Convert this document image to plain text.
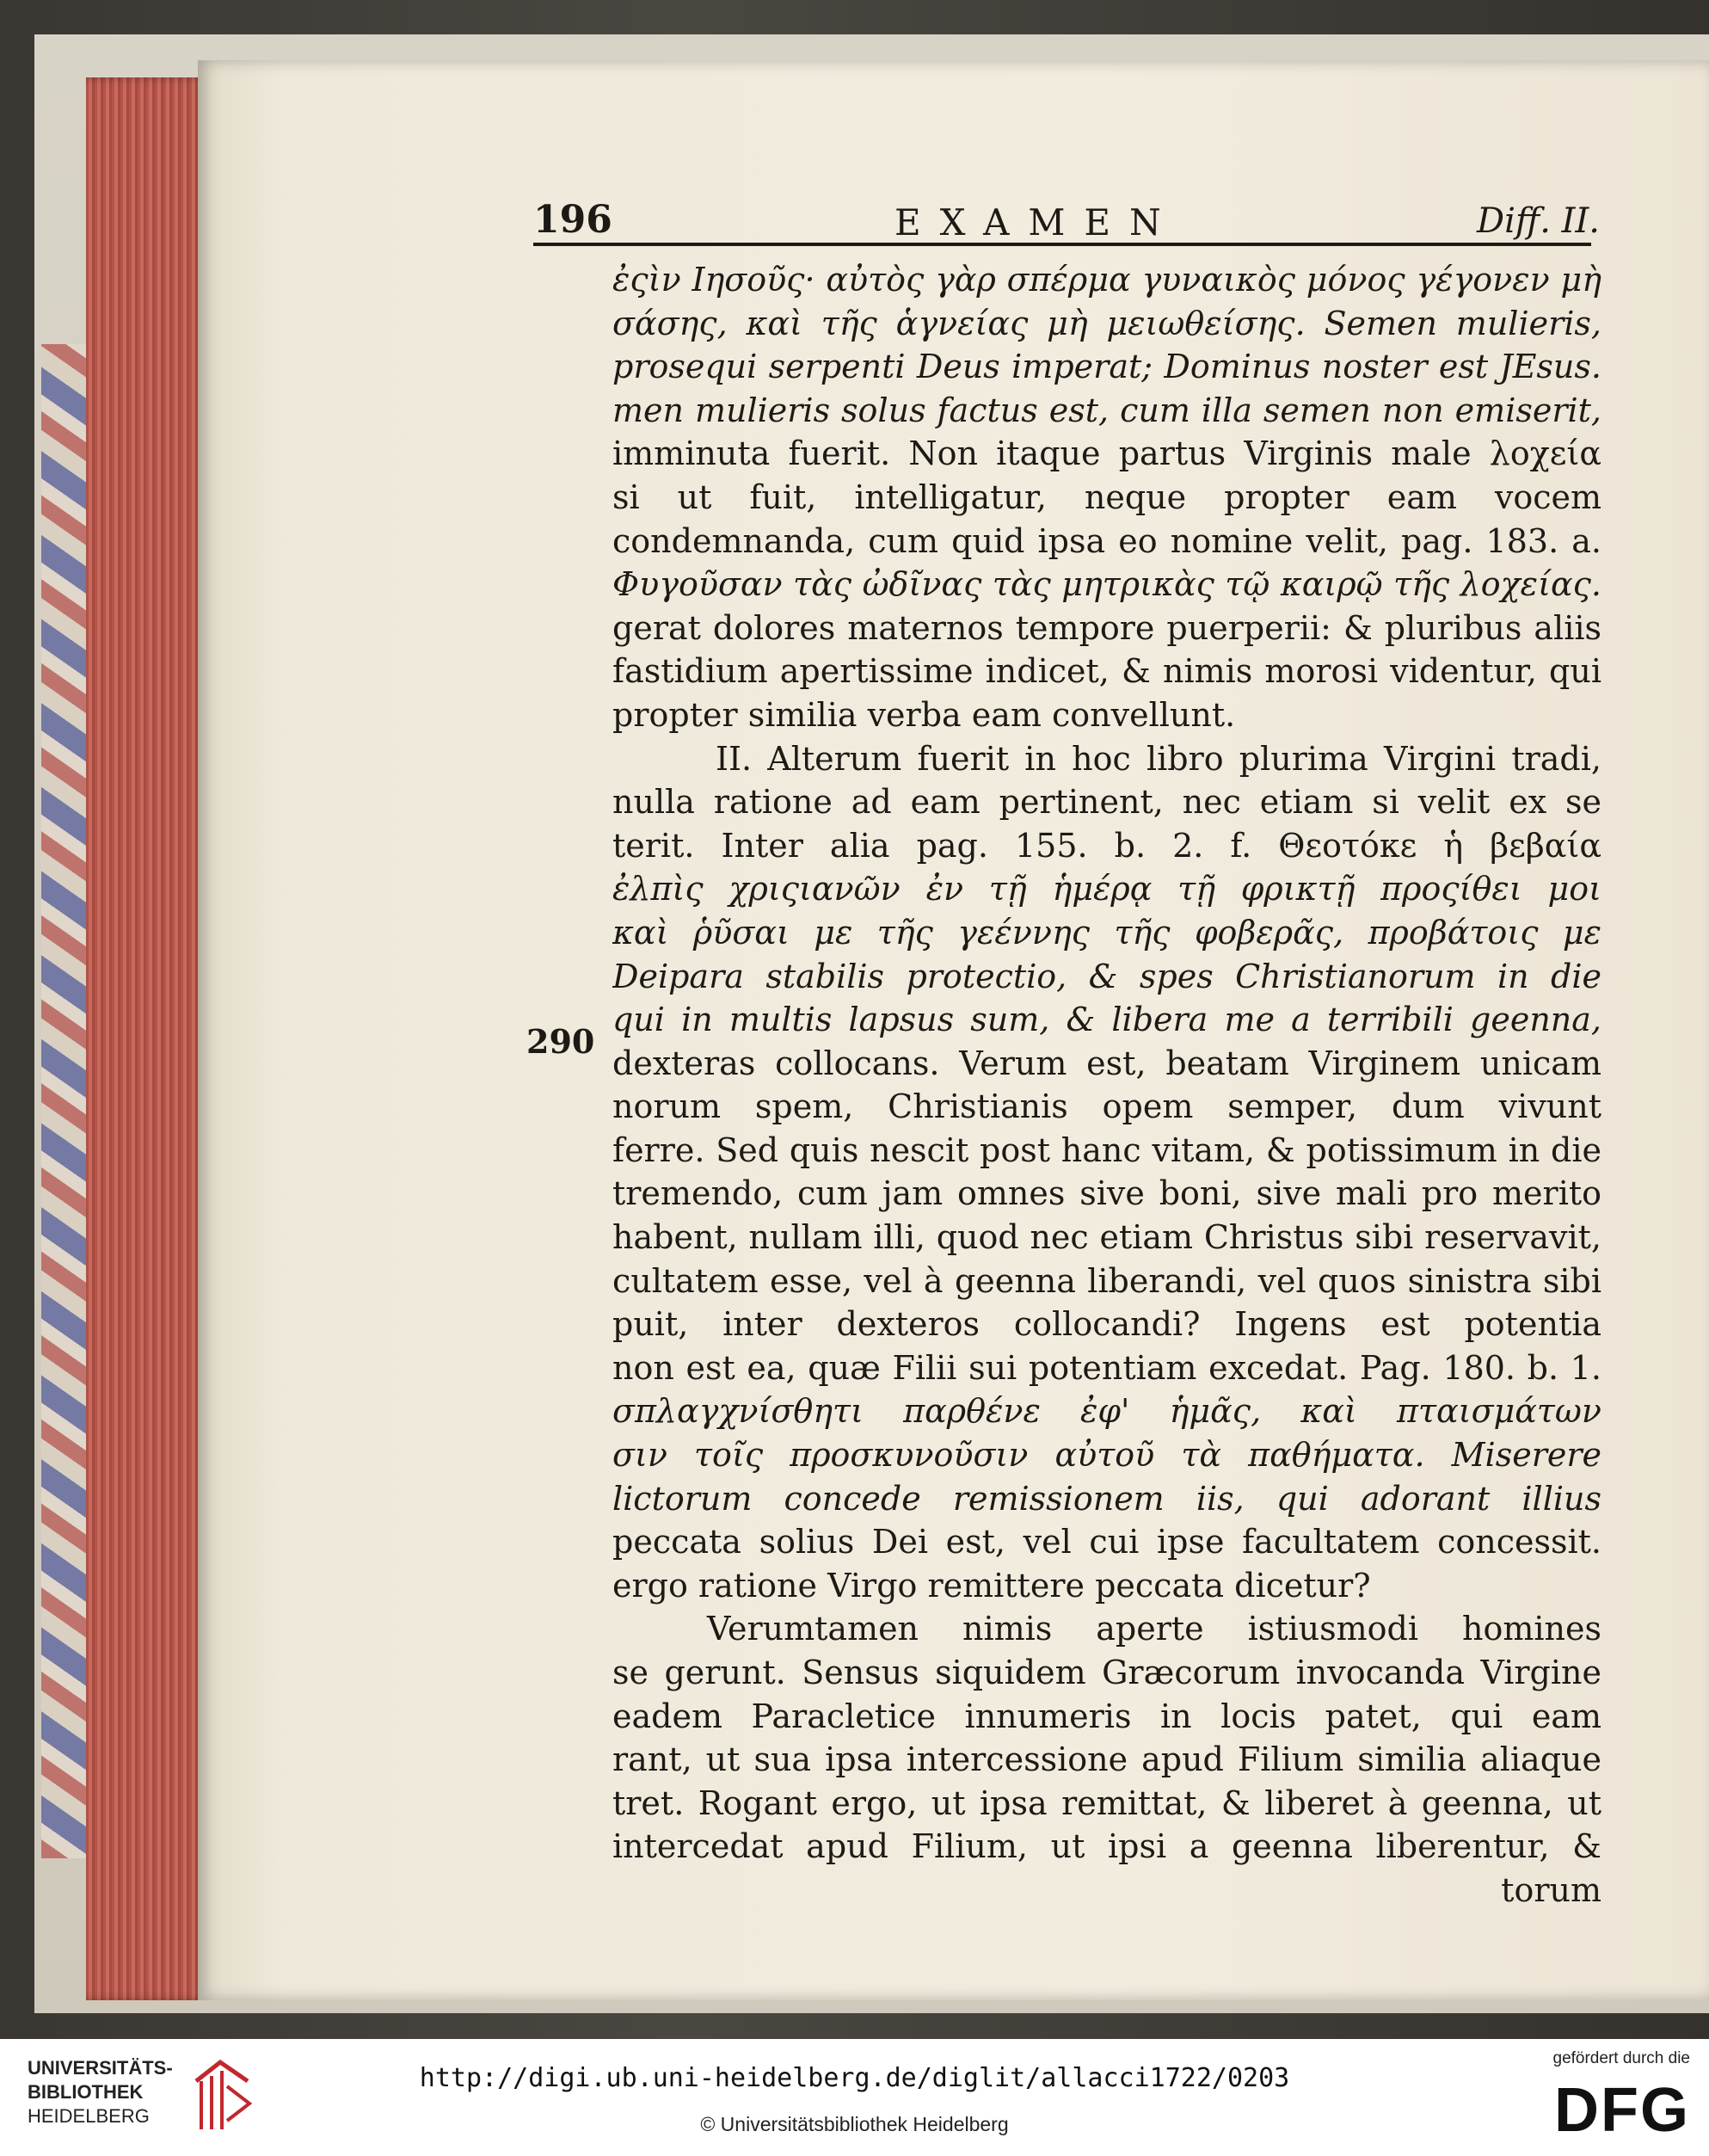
196	EXAMEN	Diff. II.
290
ἐςὶν Ιησοῦς· αὐτὸς γὰρ σπέρμα γυναικὸς μόνος γέγονεν μὴ
σάσης, καὶ τῆς ἁγνείας μὴ μειωθείσης. Semen mulieris,
prosequi serpenti Deus imperat; Dominus noster est JEsus.
men mulieris solus factus est, cum illa semen non emiserit,
imminuta fuerit. Non itaque partus Virginis male λοχεία
si ut fuit, intelligatur, neque propter eam vocem
condemnanda, cum quid ipsa eo nomine velit, pag. 183. a.
Φυγοῦσαν τὰς ὠδῖνας τὰς μητρικὰς τῷ καιρῷ τῆς λοχείας.
gerat dolores maternos tempore puerperii: & pluribus aliis
fastidium apertissime indicet, & nimis morosi videntur, qui
propter similia verba eam convellunt.
II. Alterum fuerit in hoc libro plurima Virgini tradi,
nulla ratione ad eam pertinent, nec etiam si velit ex se
terit. Inter alia pag. 155. b. 2. f. Θεοτόκε ἡ βεβαία
ἐλπὶς χριςιανῶν ἐν τῇ ἡμέρᾳ τῇ φρικτῇ προςίθει μοι
καὶ ῥῦσαι με τῆς γεέννης τῆς φοβερᾶς, προβάτοις με
Deipara stabilis protectio, & spes Christianorum in die
qui in multis lapsus sum, & libera me a terribili geenna,
dexteras collocans. Verum est, beatam Virginem unicam
norum spem, Christianis opem semper, dum vivunt
ferre. Sed quis nescit post hanc vitam, & potissimum in die
tremendo, cum jam omnes sive boni, sive mali pro merito
habent, nullam illi, quod nec etiam Christus sibi reservavit,
cultatem esse, vel à geenna liberandi, vel quos sinistra sibi
puit, inter dexteros collocandi? Ingens est potentia
non est ea, quæ Filii sui potentiam excedat. Pag. 180. b. 1.
σπλαγχνίσθητι παρθένε ἐφ' ἡμᾶς, καὶ πταισμάτων
σιν τοῖς προσκυνοῦσιν αὐτοῦ τὰ παθήματα. Miserere
lictorum concede remissionem iis, qui adorant illius
peccata solius Dei est, vel cui ipse facultatem concessit.
ergo ratione Virgo remittere peccata dicetur?
Verumtamen nimis aperte istiusmodi homines
se gerunt. Sensus siquidem Græcorum invocanda Virgine
eadem Paracletice innumeris in locis patet, qui eam
rant, ut sua ipsa intercessione apud Filium similia aliaque
tret. Rogant ergo, ut ipsa remittat, & liberet à geenna, ut
intercedat apud Filium, ut ipsi a geenna liberentur, &
torum
UNIVERSITÄTS-
BIBLIOTHEK
HEIDELBERG
http://digi.ub.uni-heidelberg.de/diglit/allacci1722/0203
© Universitätsbibliothek Heidelberg
gefördert durch die
DFG
